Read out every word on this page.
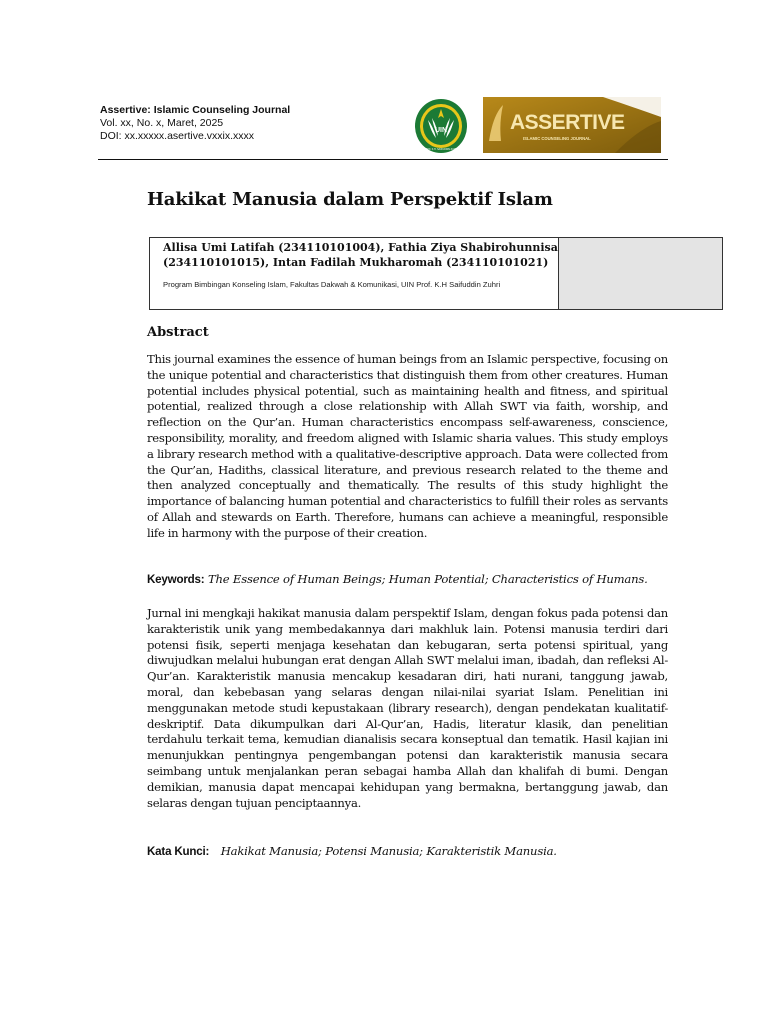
Assertive: Islamic Counseling Journal
Vol. xx, No. x, Maret, 2025
DOI: xx.xxxxx.asertive.vxxix.xxxx	UIN
PROF. K.H. SAIFUDDIN ZUHRI
ASSERTIVE
ISLAMIC COUNSELING JOURNAL
Hakikat Manusia dalam Perspektif Islam

Allisa Umi Latifah (234110101004), Fathia Ziya Shabirohunnisa (234110101015), Intan Fadilah Mukharomah (234110101021)

Program Bimbingan Konseling Islam, Fakultas Dakwah & Komunikasi, UIN Prof. K.H Saifuddin Zuhri

Abstract

This journal examines the essence of human beings from an Islamic perspective, focusing on the unique potential and characteristics that distinguish them from other creatures. Human potential includes physical potential, such as maintaining health and fitness, and spiritual potential, realized through a close relationship with Allah SWT via faith, worship, and reflection on the Qur’an. Human characteristics encompass self-awareness, conscience, responsibility, morality, and freedom aligned with Islamic sharia values. This study employs a library research method with a qualitative-descriptive approach. Data were collected from the Qur’an, Hadiths, classical literature, and previous research related to the theme and then analyzed conceptually and thematically. The results of this study highlight the importance of balancing human potential and characteristics to fulfill their roles as servants of Allah and stewards on Earth. Therefore, humans can achieve a meaningful, responsible life in harmony with the purpose of their creation.

Keywords: The Essence of Human Beings; Human Potential; Characteristics of Humans.

Jurnal ini mengkaji hakikat manusia dalam perspektif Islam, dengan fokus pada potensi dan karakteristik unik yang membedakannya dari makhluk lain. Potensi manusia terdiri dari potensi fisik, seperti menjaga kesehatan dan kebugaran, serta potensi spiritual, yang diwujudkan melalui hubungan erat dengan Allah SWT melalui iman, ibadah, dan refleksi Al-Qur’an. Karakteristik manusia mencakup kesadaran diri, hati nurani, tanggung jawab, moral, dan kebebasan yang selaras dengan nilai-nilai syariat Islam. Penelitian ini menggunakan metode studi kepustakaan (library research), dengan pendekatan kualitatif-deskriptif. Data dikumpulkan dari Al-Qur’an, Hadis, literatur klasik, dan penelitian terdahulu terkait tema, kemudian dianalisis secara konseptual dan tematik. Hasil kajian ini menunjukkan pentingnya pengembangan potensi dan karakteristik manusia secara seimbang untuk menjalankan peran sebagai hamba Allah dan khalifah di bumi. Dengan demikian, manusia dapat mencapai kehidupan yang bermakna, bertanggung jawab, dan selaras dengan tujuan penciptaannya.

Kata Kunci: Hakikat Manusia; Potensi Manusia; Karakteristik Manusia.
